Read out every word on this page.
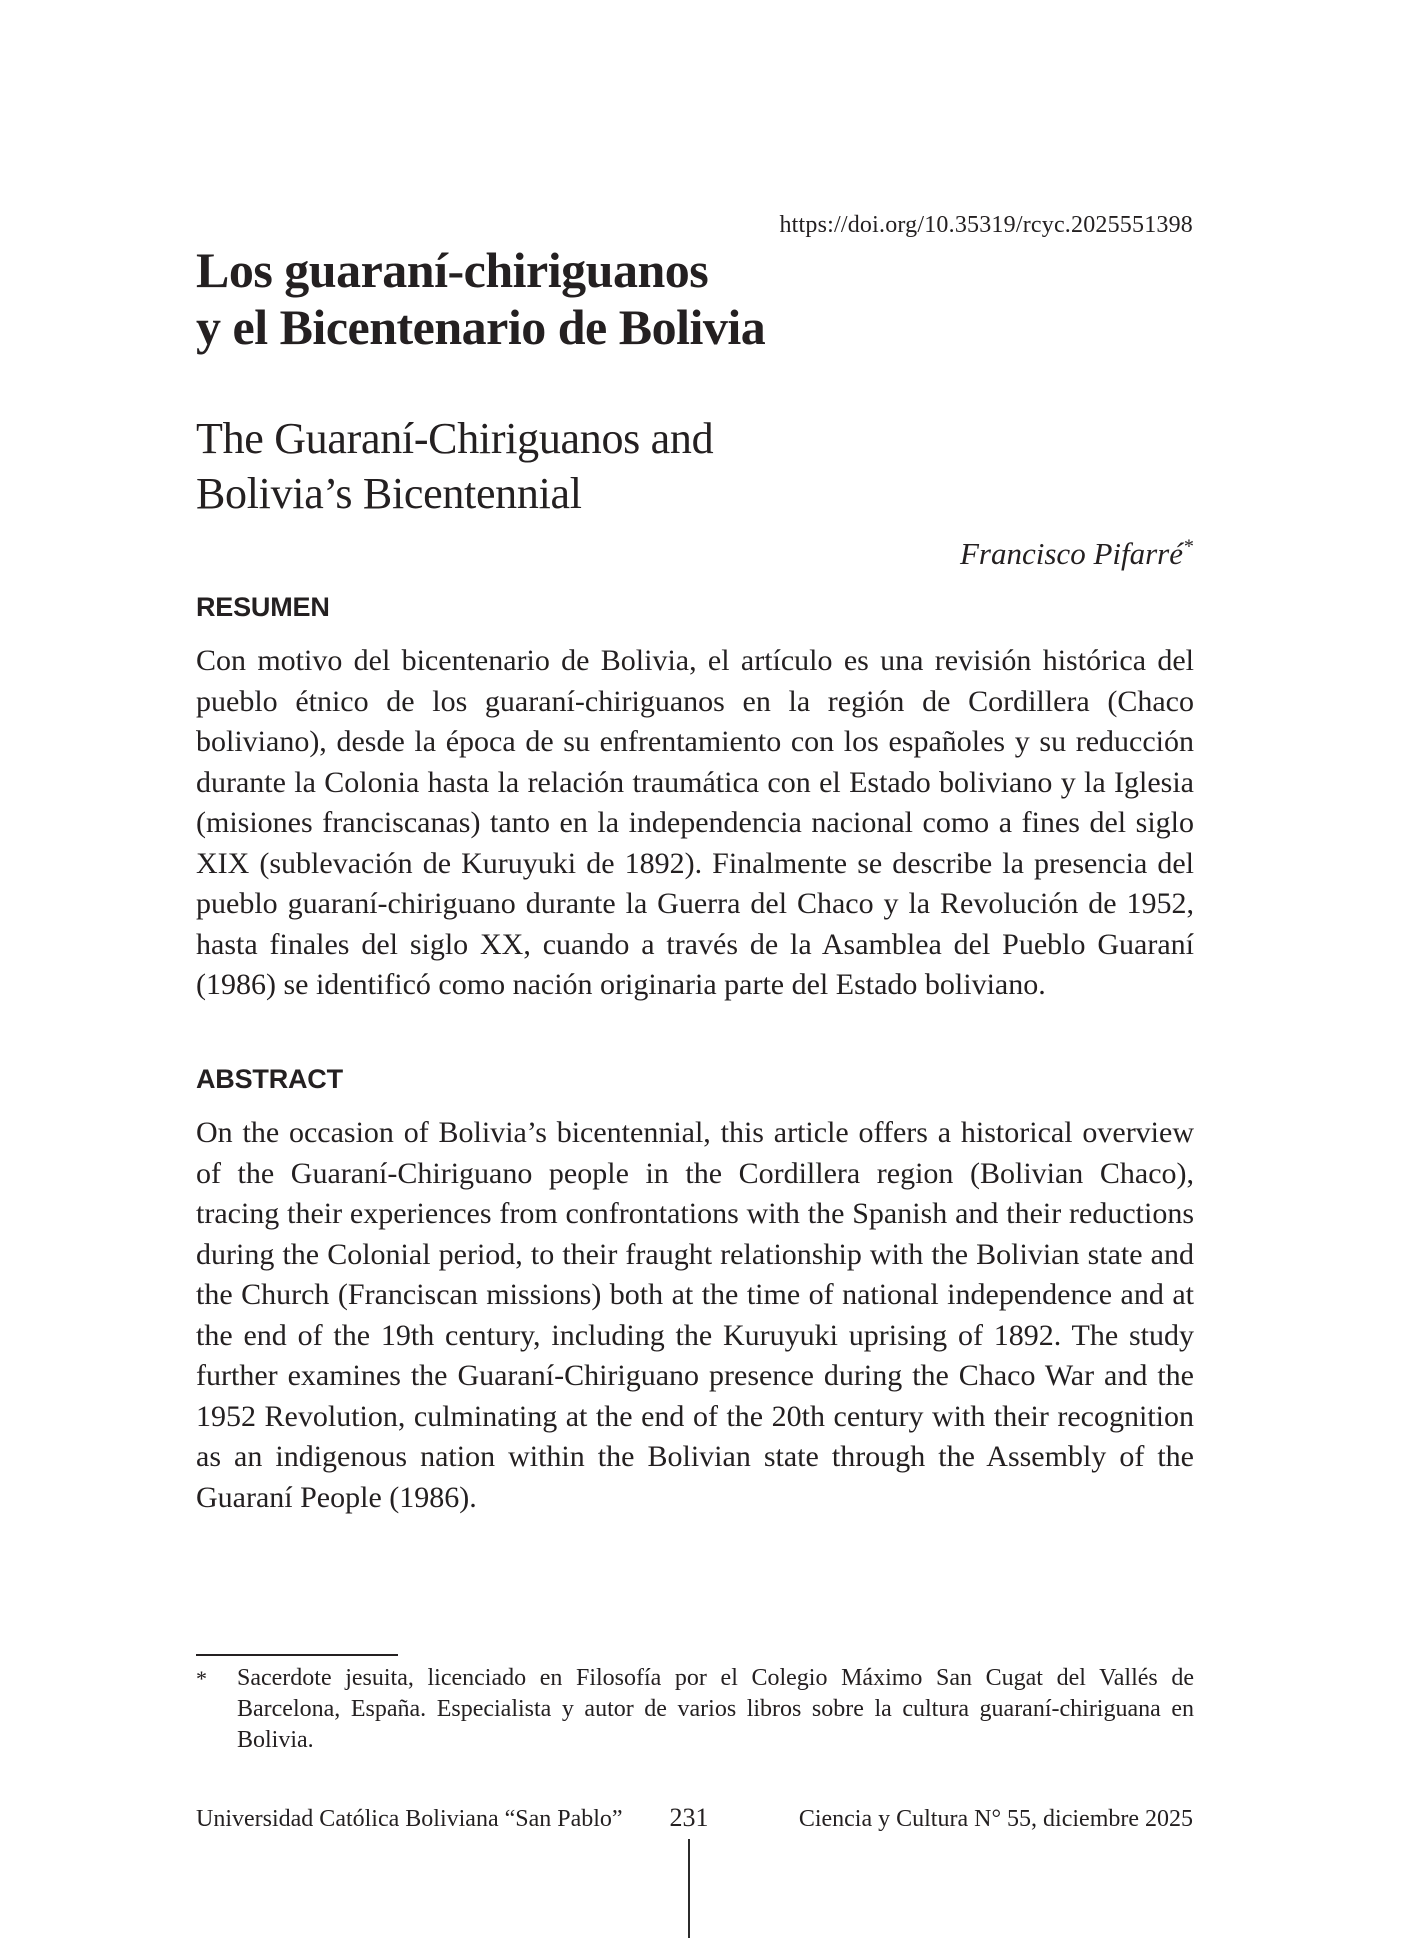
https://doi.org/10.35319/rcyc.2025551398
Los guaraní-chiriguanos
y el Bicentenario de Bolivia
The Guaraní-Chiriguanos and
Bolivia’s Bicentennial
Francisco Pifarré*
RESUMEN

Con motivo del bicentenario de Bolivia, el artículo es una revisión histórica del pueblo étnico de los guaraní-chiriguanos en la región de Cordillera (Chaco boliviano), desde la época de su enfrentamiento con los españoles y su reducción durante la Colonia hasta la relación traumática con el Estado boliviano y la Iglesia (misiones franciscanas) tanto en la independencia nacional como a fines del siglo XIX (sublevación de Kuruyuki de 1892). Finalmente se describe la presencia del pueblo guaraní-chiriguano durante la Guerra del Chaco y la Revolución de 1952, hasta finales del siglo XX, cuando a través de la Asamblea del Pueblo Guaraní (1986) se identificó como nación originaria parte del Estado boliviano.

ABSTRACT

On the occasion of Bolivia’s bicentennial, this article offers a historical overview of the Guaraní-Chiriguano people in the Cordillera region (Bolivian Chaco), tracing their experiences from confrontations with the Spanish and their reductions during the Colonial period, to their fraught relationship with the Bolivian state and the Church (Franciscan missions) both at the time of national independence and at the end of the 19th century, including the Kuruyuki uprising of 1892. The study further examines the Guaraní-Chiriguano presence during the Chaco War and the 1952 Revolution, culminating at the end of the 20th century with their recognition as an indigenous nation within the Bolivian state through the Assembly of the Guaraní People (1986).

*	Sacerdote jesuita, licenciado en Filosofía por el Colegio Máximo San Cugat del Vallés de Barcelona, España. Especialista y autor de varios libros sobre la cultura guaraní-chiriguana en Bolivia.
Universidad Católica Boliviana “San Pablo”	231	Ciencia y Cultura N° 55, diciembre 2025
